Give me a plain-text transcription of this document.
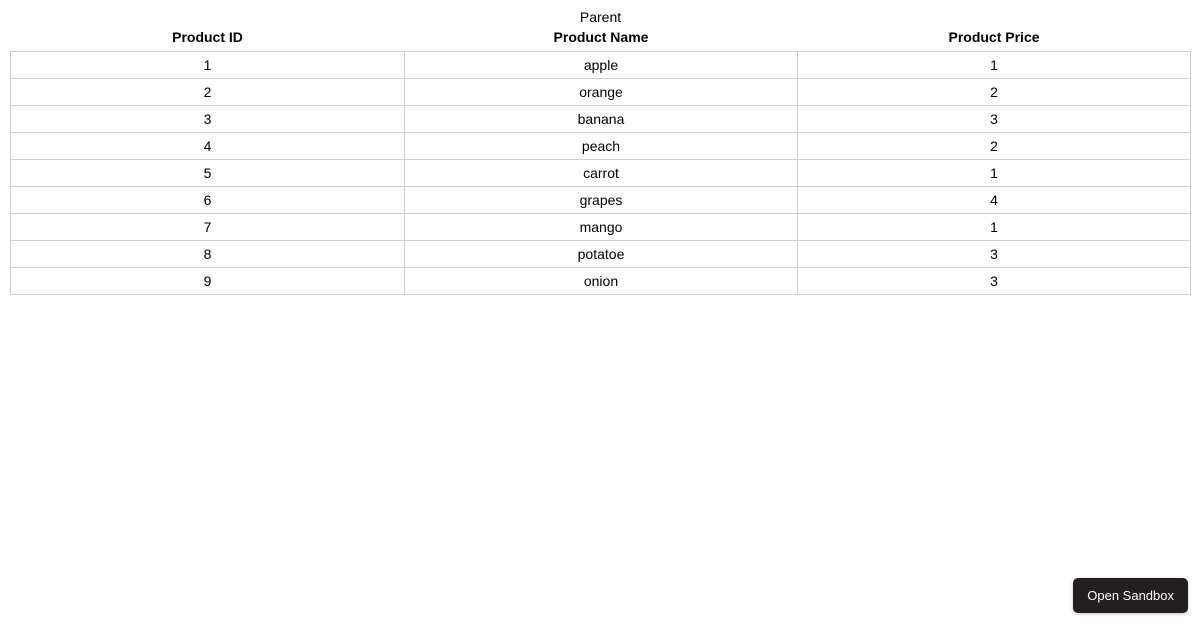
Parent
Product ID	Product Name	Product Price
1	apple	1
2	orange	2
3	banana	3
4	peach	2
5	carrot	1
6	grapes	4
7	mango	1
8	potatoe	3
9	onion	3
Open Sandbox
